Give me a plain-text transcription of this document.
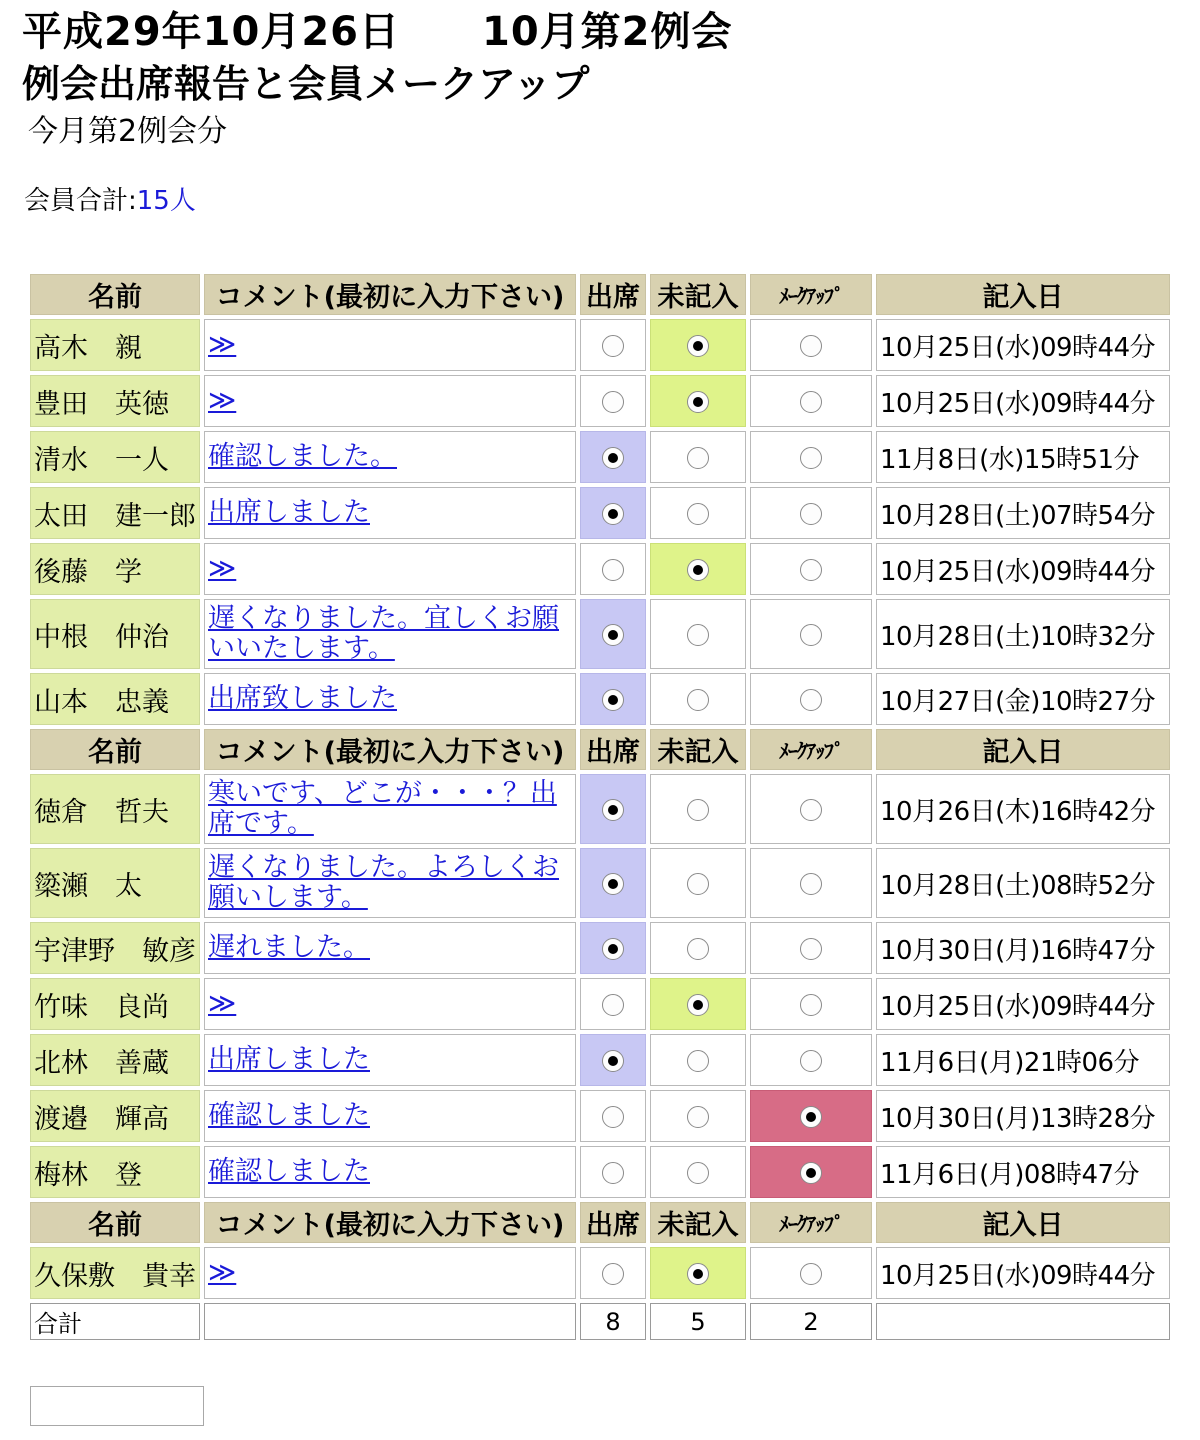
平成29年10月26日　　10月第2例会
例会出席報告と会員メークアップ
今月第2例会分
会員合計:15人
名前	コメント(最初に入力下さい)	出席	未記入	ﾒｰｸｱｯﾌﾟ	記入日
高木　親	≫				10月25日(水)09時44分
豊田　英徳	≫				10月25日(水)09時44分
清水　一人	確認しました。				11月8日(水)15時51分
太田　建一郎	出席しました				10月28日(土)07時54分
後藤　学	≫				10月25日(水)09時44分
中根　仲治	遅くなりました。宜しくお願いいたします。				10月28日(土)10時32分
山本　忠義	出席致しました				10月27日(金)10時27分
名前	コメント(最初に入力下さい)	出席	未記入	ﾒｰｸｱｯﾌﾟ	記入日
徳倉　哲夫	寒いです、どこが・・・？出席です。				10月26日(木)16時42分
簗瀬　太	遅くなりました。よろしくお願いします。				10月28日(土)08時52分
宇津野　敏彦	遅れました。				10月30日(月)16時47分
竹味　良尚	≫				10月25日(水)09時44分
北林　善蔵	出席しました				11月6日(月)21時06分
渡邉　輝高	確認しました				10月30日(月)13時28分
梅林　登	確認しました				11月6日(月)08時47分
名前	コメント(最初に入力下さい)	出席	未記入	ﾒｰｸｱｯﾌﾟ	記入日
久保敷　貴幸	≫				10月25日(水)09時44分
合計		8	5	2	
